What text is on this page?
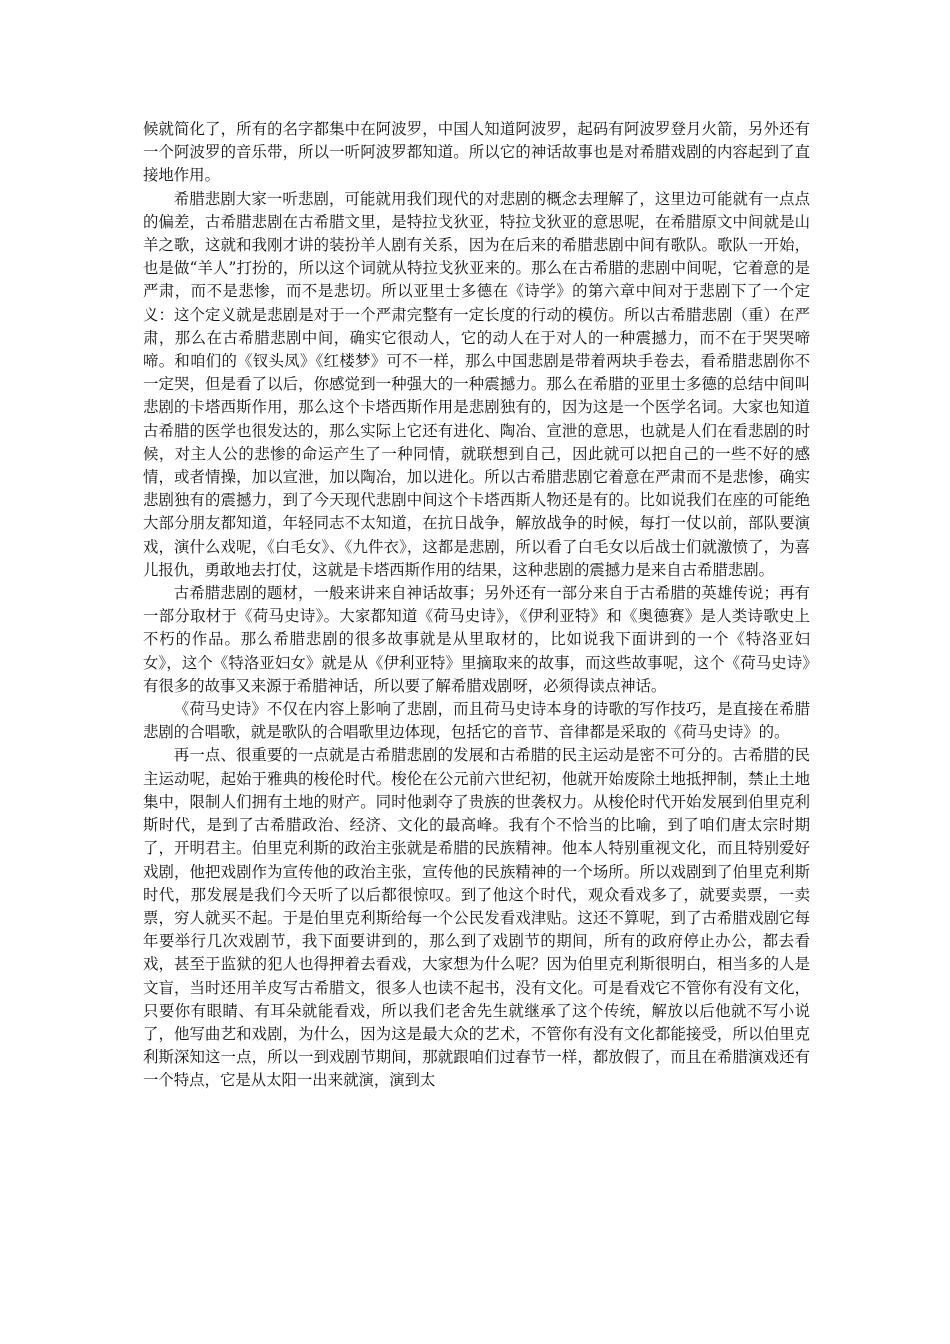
候就简化了，所有的名字都集中在阿波罗，中国人知道阿波罗，起码有阿波罗登月火箭，另外还有一个阿波罗的音乐带，所以一听阿波罗都知道。所以它的神话故事也是对希腊戏剧的内容起到了直接地作用。

希腊悲剧大家一听悲剧，可能就用我们现代的对悲剧的概念去理解了，这里边可能就有一点点的偏差，古希腊悲剧在古希腊文里，是特拉戈狄亚，特拉戈狄亚的意思呢，在希腊原文中间就是山羊之歌，这就和我刚才讲的装扮羊人剧有关系，因为在后来的希腊悲剧中间有歌队。歌队一开始，也是做“羊人”打扮的，所以这个词就从特拉戈狄亚来的。那么在古希腊的悲剧中间呢，它着意的是严肃，而不是悲惨，而不是悲切。所以亚里士多德在《诗学》的第六章中间对于悲剧下了一个定义：这个定义就是悲剧是对于一个严肃完整有一定长度的行动的模仿。所以古希腊悲剧（重）在严肃，那么在古希腊悲剧中间，确实它很动人，它的动人在于对人的一种震撼力，而不在于哭哭啼啼。和咱们的《钗头凤》《红楼梦》可不一样，那么中国悲剧是带着两块手卷去，看希腊悲剧你不一定哭，但是看了以后，你感觉到一种强大的一种震撼力。那么在希腊的亚里士多德的总结中间叫悲剧的卡塔西斯作用，那么这个卡塔西斯作用是悲剧独有的，因为这是一个医学名词。大家也知道古希腊的医学也很发达的，那么实际上它还有进化、陶冶、宣泄的意思，也就是人们在看悲剧的时候，对主人公的悲惨的命运产生了一种同情，就联想到自己，因此就可以把自己的一些不好的感情，或者情操，加以宣泄，加以陶冶，加以进化。所以古希腊悲剧它着意在严肃而不是悲惨，确实悲剧独有的震撼力，到了今天现代悲剧中间这个卡塔西斯人物还是有的。比如说我们在座的可能绝大部分朋友都知道，年轻同志不太知道，在抗日战争，解放战争的时候，每打一仗以前，部队要演戏，演什么戏呢，《白毛女》、《九件衣》，这都是悲剧，所以看了白毛女以后战士们就激愤了，为喜儿报仇，勇敢地去打仗，这就是卡塔西斯作用的结果，这种悲剧的震撼力是来自古希腊悲剧。

古希腊悲剧的题材，一般来讲来自神话故事；另外还有一部分来自于古希腊的英雄传说；再有一部分取材于《荷马史诗》。大家都知道《荷马史诗》，《伊利亚特》和《奥德赛》是人类诗歌史上不朽的作品。那么希腊悲剧的很多故事就是从里取材的，比如说我下面讲到的一个《特洛亚妇女》，这个《特洛亚妇女》就是从《伊利亚特》里摘取来的故事，而这些故事呢，这个《荷马史诗》有很多的故事又来源于希腊神话，所以要了解希腊戏剧呀，必须得读点神话。

《荷马史诗》不仅在内容上影响了悲剧，而且荷马史诗本身的诗歌的写作技巧，是直接在希腊悲剧的合唱歌，就是歌队的合唱歌里边体现，包括它的音节、音律都是采取的《荷马史诗》的。

再一点、很重要的一点就是古希腊悲剧的发展和古希腊的民主运动是密不可分的。古希腊的民主运动呢，起始于雅典的梭伦时代。梭伦在公元前六世纪初，他就开始废除土地抵押制，禁止土地集中，限制人们拥有土地的财产。同时他剥夺了贵族的世袭权力。从梭伦时代开始发展到伯里克利斯时代，是到了古希腊政治、经济、文化的最高峰。我有个不恰当的比喻，到了咱们唐太宗时期了，开明君主。伯里克利斯的政治主张就是希腊的民族精神。他本人特别重视文化，而且特别爱好戏剧，他把戏剧作为宣传他的政治主张，宣传他的民族精神的一个场所。所以戏剧到了伯里克利斯时代，那发展是我们今天听了以后都很惊叹。到了他这个时代，观众看戏多了，就要卖票，一卖票，穷人就买不起。于是伯里克利斯给每一个公民发看戏津贴。这还不算呢，到了古希腊戏剧它每年要举行几次戏剧节，我下面要讲到的，那么到了戏剧节的期间，所有的政府停止办公，都去看戏，甚至于监狱的犯人也得押着去看戏，大家想为什么呢？因为伯里克利斯很明白，相当多的人是文盲，当时还用羊皮写古希腊文，很多人也读不起书，没有文化。可是看戏它不管你有没有文化，只要你有眼睛、有耳朵就能看戏，所以我们老舍先生就继承了这个传统，解放以后他就不写小说了，他写曲艺和戏剧，为什么，因为这是最大众的艺术，不管你有没有文化都能接受，所以伯里克利斯深知这一点，所以一到戏剧节期间，那就跟咱们过春节一样，都放假了，而且在希腊演戏还有一个特点，它是从太阳一出来就演，演到太
